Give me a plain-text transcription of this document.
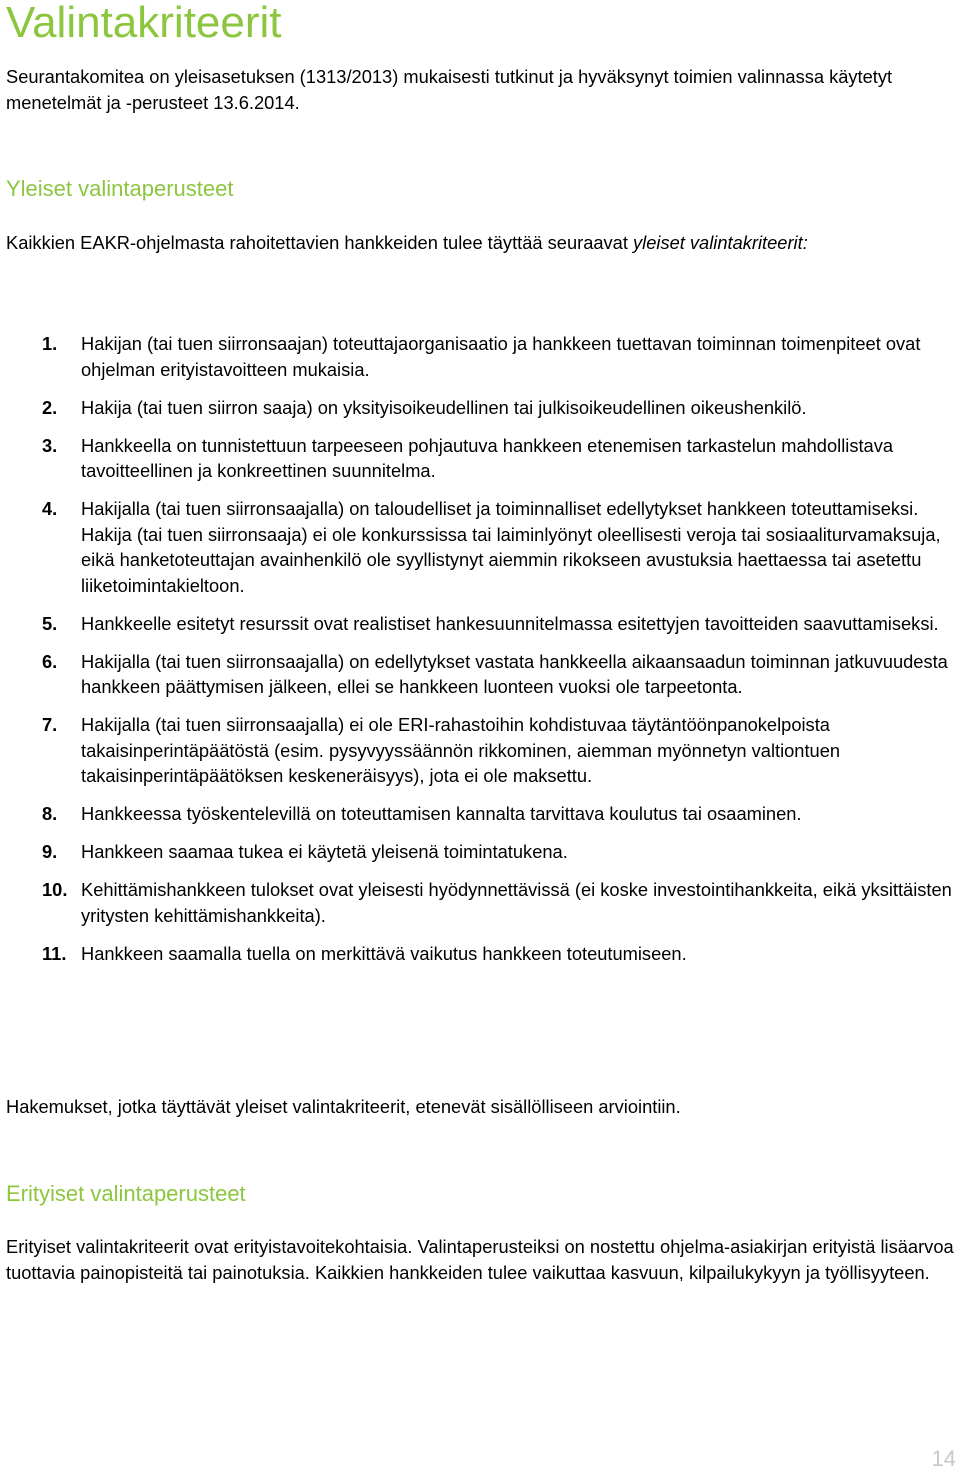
Valintakriteerit

Seurantakomitea on yleisasetuksen (1313/2013) mukaisesti tutkinut ja hyväksynyt toimien valinnassa käytetyt menetelmät ja -perusteet 13.6.2014.

Yleiset valintaperusteet

Kaikkien EAKR-ohjelmasta rahoitettavien hankkeiden tulee täyttää seuraavat yleiset valintakriteerit:

1. Hakijan (tai tuen siirronsaajan) toteuttajaorganisaatio ja hankkeen tuettavan toiminnan toimenpiteet ovat ohjelman erityistavoitteen mukaisia.
2. Hakija (tai tuen siirron saaja) on yksityisoikeudellinen tai julkisoikeudellinen oikeushenkilö.
3. Hankkeella on tunnistettuun tarpeeseen pohjautuva hankkeen etenemisen tarkastelun mahdollistava tavoitteellinen ja konkreettinen suunnitelma.
4. Hakijalla (tai tuen siirronsaajalla) on taloudelliset ja toiminnalliset edellytykset hankkeen toteuttamiseksi. Hakija (tai tuen siirronsaaja) ei ole konkurssissa tai laiminlyönyt oleellisesti veroja tai sosiaaliturvamaksuja, eikä hanketoteuttajan avainhenkilö ole syyllistynyt aiemmin rikokseen avustuksia haettaessa tai asetettu liiketoimintakieltoon.
5. Hankkeelle esitetyt resurssit ovat realistiset hankesuunnitelmassa esitettyjen tavoitteiden saavuttamiseksi.
6. Hakijalla (tai tuen siirronsaajalla) on edellytykset vastata hankkeella aikaansaadun toiminnan jatkuvuudesta hankkeen päättymisen jälkeen, ellei se hankkeen luonteen vuoksi ole tarpeetonta.
7. Hakijalla (tai tuen siirronsaajalla) ei ole ERI-rahastoihin kohdistuvaa täytäntöönpanokelpoista takaisinperintäpäätöstä (esim. pysyvyyssäännön rikkominen, aiemman myönnetyn valtiontuen takaisinperintäpäätöksen keskeneräisyys), jota ei ole maksettu.
8. Hankkeessa työskentelevillä on toteuttamisen kannalta tarvittava koulutus tai osaaminen.
9. Hankkeen saamaa tukea ei käytetä yleisenä toimintatukena.
10. Kehittämishankkeen tulokset ovat yleisesti hyödynnettävissä (ei koske investointihankkeita, eikä yksittäisten yritysten kehittämishankkeita).
11. Hankkeen saamalla tuella on merkittävä vaikutus hankkeen toteutumiseen.

Hakemukset, jotka täyttävät yleiset valintakriteerit, etenevät sisällölliseen arviointiin.

Erityiset valintaperusteet

Erityiset valintakriteerit ovat erityistavoitekohtaisia. Valintaperusteiksi on nostettu ohjelma-asiakirjan erityistä lisäarvoa tuottavia painopisteitä tai painotuksia. Kaikkien hankkeiden tulee vaikuttaa kasvuun, kilpailukykyyn ja työllisyyteen.

14
